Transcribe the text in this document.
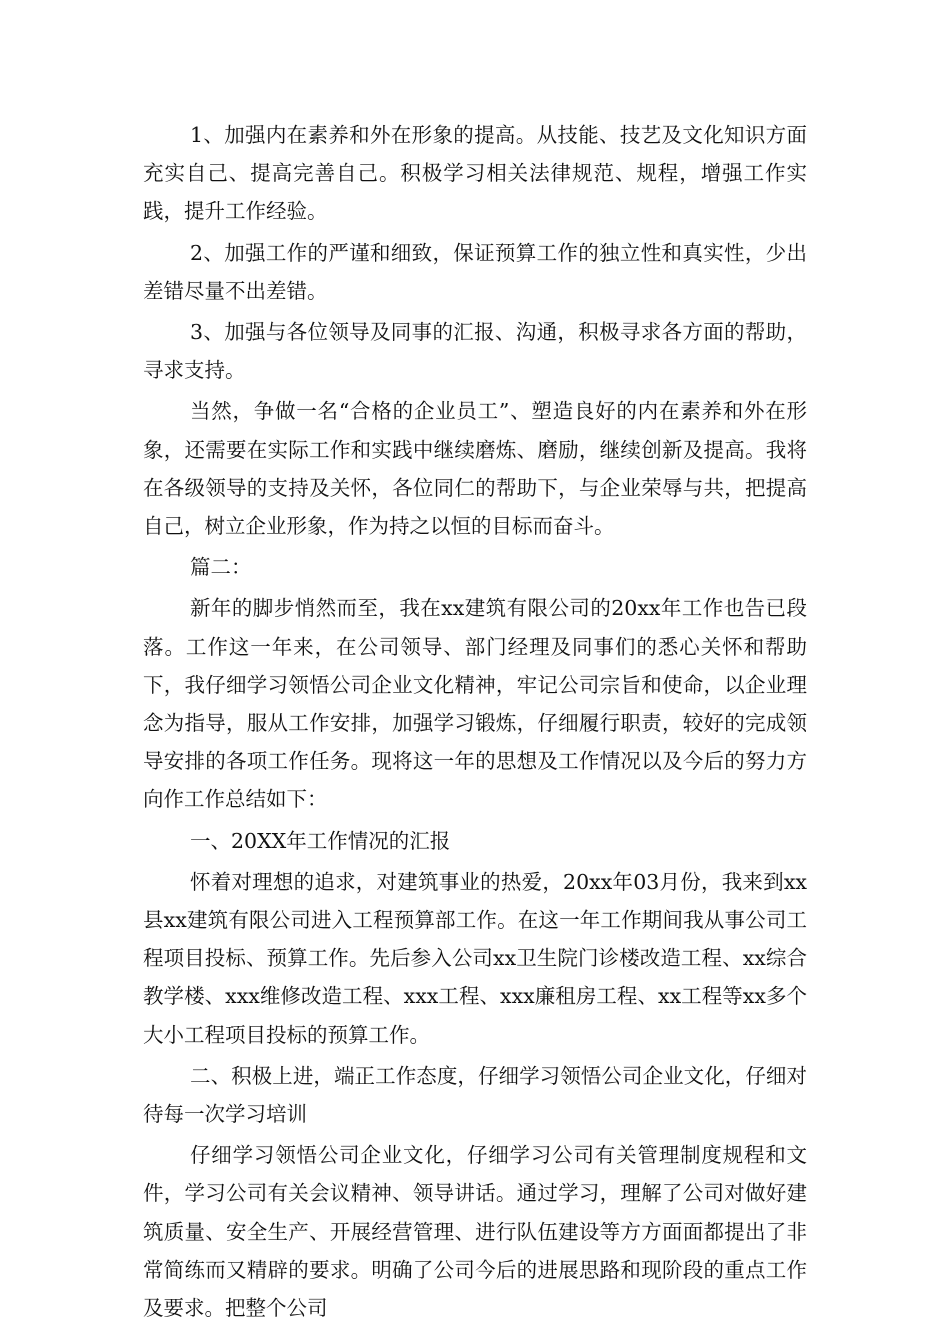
1、加强内在素养和外在形象的提高。从技能、技艺及文化知识方面充实自己、提高完善自己。积极学习相关法律规范、规程，增强工作实践，提升工作经验。

2、加强工作的严谨和细致，保证预算工作的独立性和真实性，少出差错尽量不出差错。

3、加强与各位领导及同事的汇报、沟通，积极寻求各方面的帮助，寻求支持。

当然，争做一名“合格的企业员工”、塑造良好的内在素养和外在形象，还需要在实际工作和实践中继续磨炼、磨励，继续创新及提高。我将在各级领导的支持及关怀，各位同仁的帮助下，与企业荣辱与共，把提高自己，树立企业形象，作为持之以恒的目标而奋斗。

篇二：

新年的脚步悄然而至，我在xx建筑有限公司的20xx年工作也告已段落。工作这一年来，在公司领导、部门经理及同事们的悉心关怀和帮助下，我仔细学习领悟公司企业文化精神，牢记公司宗旨和使命，以企业理念为指导，服从工作安排，加强学习锻炼，仔细履行职责，较好的完成领导安排的各项工作任务。现将这一年的思想及工作情况以及今后的努力方向作工作总结如下：

一、20XX年工作情况的汇报

怀着对理想的追求，对建筑事业的热爱，20xx年03月份，我来到xx县xx建筑有限公司进入工程预算部工作。在这一年工作期间我从事公司工程项目投标、预算工作。先后参入公司xx卫生院门诊楼改造工程、xx综合教学楼、xxx维修改造工程、xxx工程、xxx廉租房工程、xx工程等xx多个大小工程项目投标的预算工作。

二、积极上进，端正工作态度，仔细学习领悟公司企业文化，仔细对待每一次学习培训

仔细学习领悟公司企业文化，仔细学习公司有关管理制度规程和文件，学习公司有关会议精神、领导讲话。通过学习，理解了公司对做好建筑质量、安全生产、开展经营管理、进行队伍建设等方方面面都提出了非常简练而又精辟的要求。明确了公司今后的进展思路和现阶段的重点工作及要求。把整个公司
